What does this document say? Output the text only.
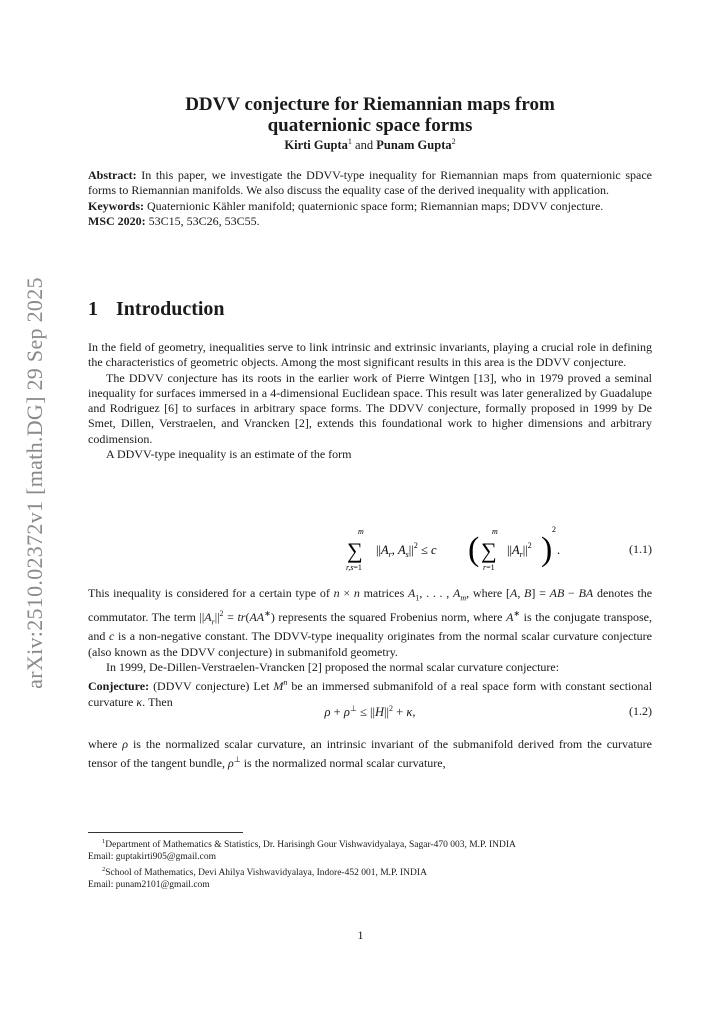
arXiv:2510.02372v1 [math.DG] 29 Sep 2025
DDVV conjecture for Riemannian maps from
quaternionic space forms
Kirti Gupta$^1$ and Punam Gupta$^2$

Abstract: In this paper, we investigate the DDVV-type inequality for Riemannian maps from quaternionic space forms to Riemannian manifolds. We also discuss the equality case of the derived inequality with application.

Keywords: Quaternionic Kähler manifold; quaternionic space form; Riemannian maps; DDVV conjecture.

MSC 2020: 53C15, 53C26, 53C55.

1 Introduction

In the field of geometry, inequalities serve to link intrinsic and extrinsic invariants, playing a crucial role in defining the characteristics of geometric objects. Among the most significant results in this area is the DDVV conjecture.

The DDVV conjecture has its roots in the earlier work of Pierre Wintgen [13], who in 1979 proved a seminal inequality for surfaces immersed in a 4-dimensional Euclidean space. This result was later generalized by Guadalupe and Rodriguez [6] to surfaces in arbitrary space forms. The DDVV conjecture, formally proposed in 1999 by De Smet, Dillen, Verstraelen, and Vrancken [2], extends this foundational work to higher dimensions and arbitrary codimension.

A DDVV-type inequality is an estimate of the form

m
∑
r,s=1
$||A_r$, $A_s||^2 \le c$ ( m
∑
r=1
$||A_r||^2$ )
2
.	(1.1)

This inequality is considered for a certain type of n × n matrices $A_1$, . . . , $A_m$, where [A, B] = AB − BA denotes the commutator. The term $||A_r||^2 = tr(AA^∗)$ represents the squared Frobenius norm, where A∗ is the conjugate transpose, and c is a non-negative constant. The DDVV-type inequality originates from the normal scalar curvature conjecture (also known as the DDVV conjecture) in submanifold geometry.

In 1999, De-Dillen-Verstraelen-Vrancken [2] proposed the normal scalar curvature conjecture:

Conjecture: (DDVV conjecture) Let $M^n$ be an immersed submanifold of a real space form with constant sectional curvature κ. Then

$\rho + \rho^\perp \le ||H||^2 + \kappa$,	(1.2)

where ρ is the normalized scalar curvature, an intrinsic invariant of the submanifold derived from the curvature tensor of the tangent bundle, ρ⊥ is the normalized normal scalar curvature,

$^1$Department of Mathematics & Statistics, Dr. Harisingh Gour Vishwavidyalaya, Sagar-470 003, M.P. INDIA

Email: guptakirti905@gmail.com

$^2$School of Mathematics, Devi Ahilya Vishwavidyalaya, Indore-452 001, M.P. INDIA

Email: punam2101@gmail.com

1
